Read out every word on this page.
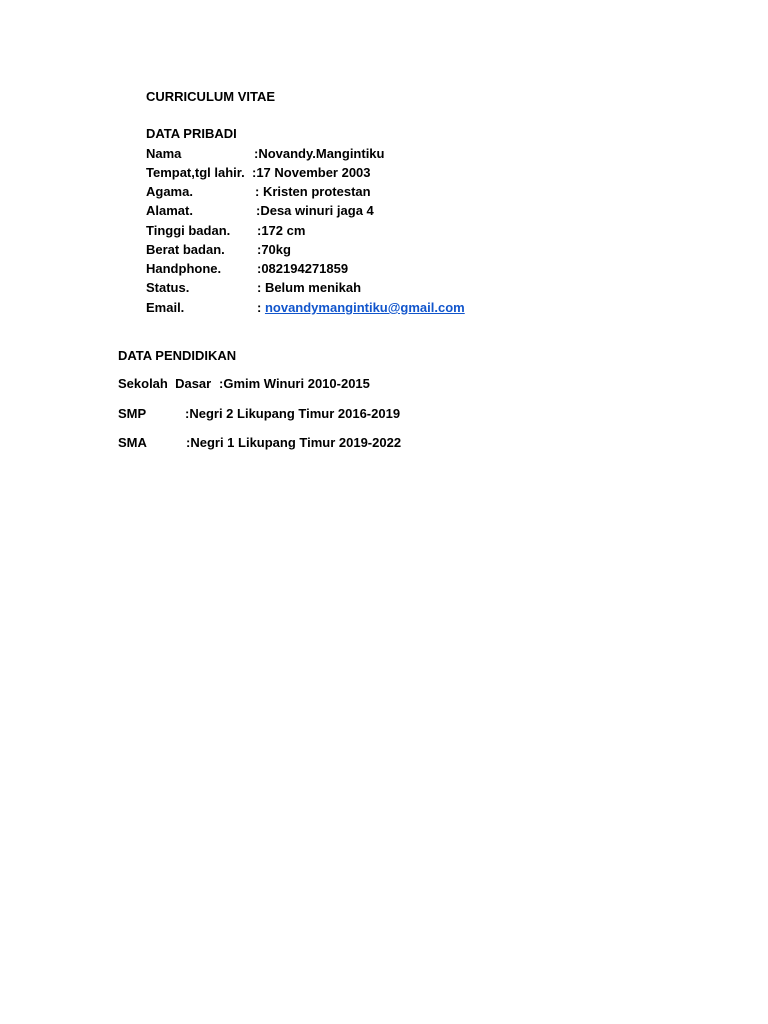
CURRICULUM VITAE
DATA PRIBADI
Nama	:Novandy.Mangintiku
Tempat,tgl lahir. :17 November 2003
Agama.	: Kristen protestan
Alamat.	:Desa winuri jaga 4
Tinggi badan. :172 cm
Berat badan. :70kg
Handphone.	:082194271859
Status.	: Belum menikah
Email.	: novandymangintiku@gmail.com
DATA PENDIDIKAN
Sekolah  Dasar :Gmim Winuri 2010-2015
SMP	:Negri 2 Likupang Timur 2016-2019
SMA	:Negri 1 Likupang Timur 2019-2022
